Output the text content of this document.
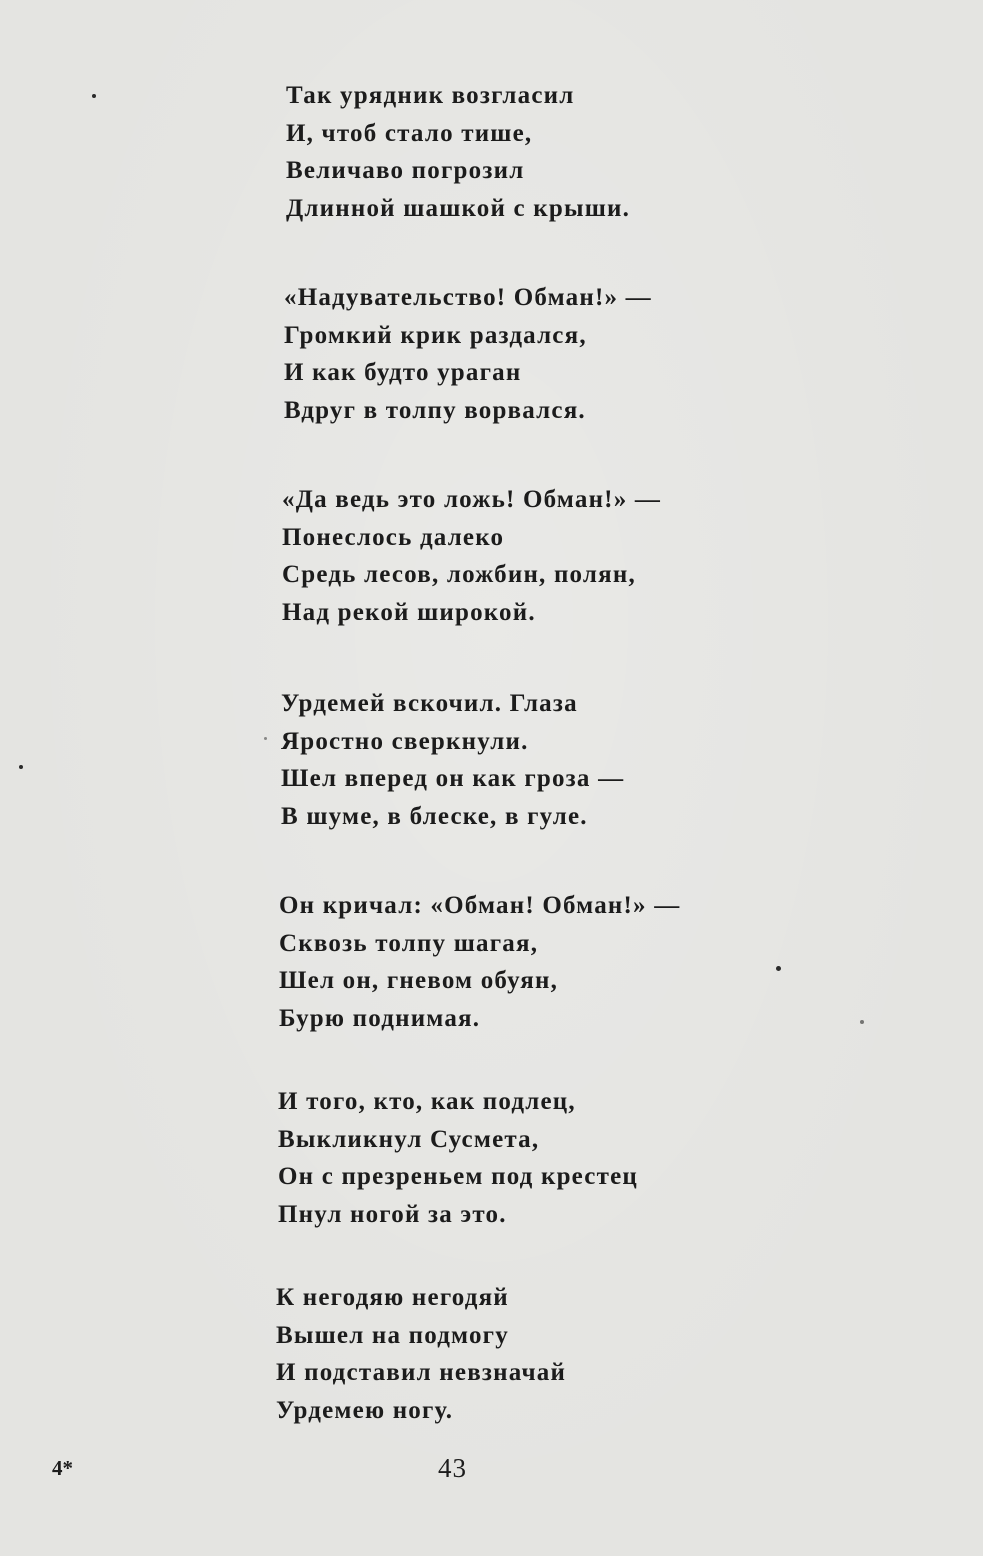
Так урядник возгласил
И, чтоб стало тише,
Величаво погрозил
Длинной шашкой с крыши.
«Надувательство! Обман!» —
Громкий крик раздался,
И как будто ураган
Вдруг в толпу ворвался.
«Да ведь это ложь! Обман!» —
Понеслось далеко
Средь лесов, ложбин, полян,
Над рекой широкой.
Урдемей вскочил. Глаза
Яростно сверкнули.
Шел вперед он как гроза —
В шуме, в блеске, в гуле.
Он кричал: «Обман! Обман!» —
Сквозь толпу шагая,
Шел он, гневом обуян,
Бурю поднимая.
И того, кто, как подлец,
Выкликнул Сусмета,
Он с презреньем под крестец
Пнул ногой за это.
К негодяю негодяй
Вышел на подмогу
И подставил невзначай
Урдемею ногу.
4*	43
